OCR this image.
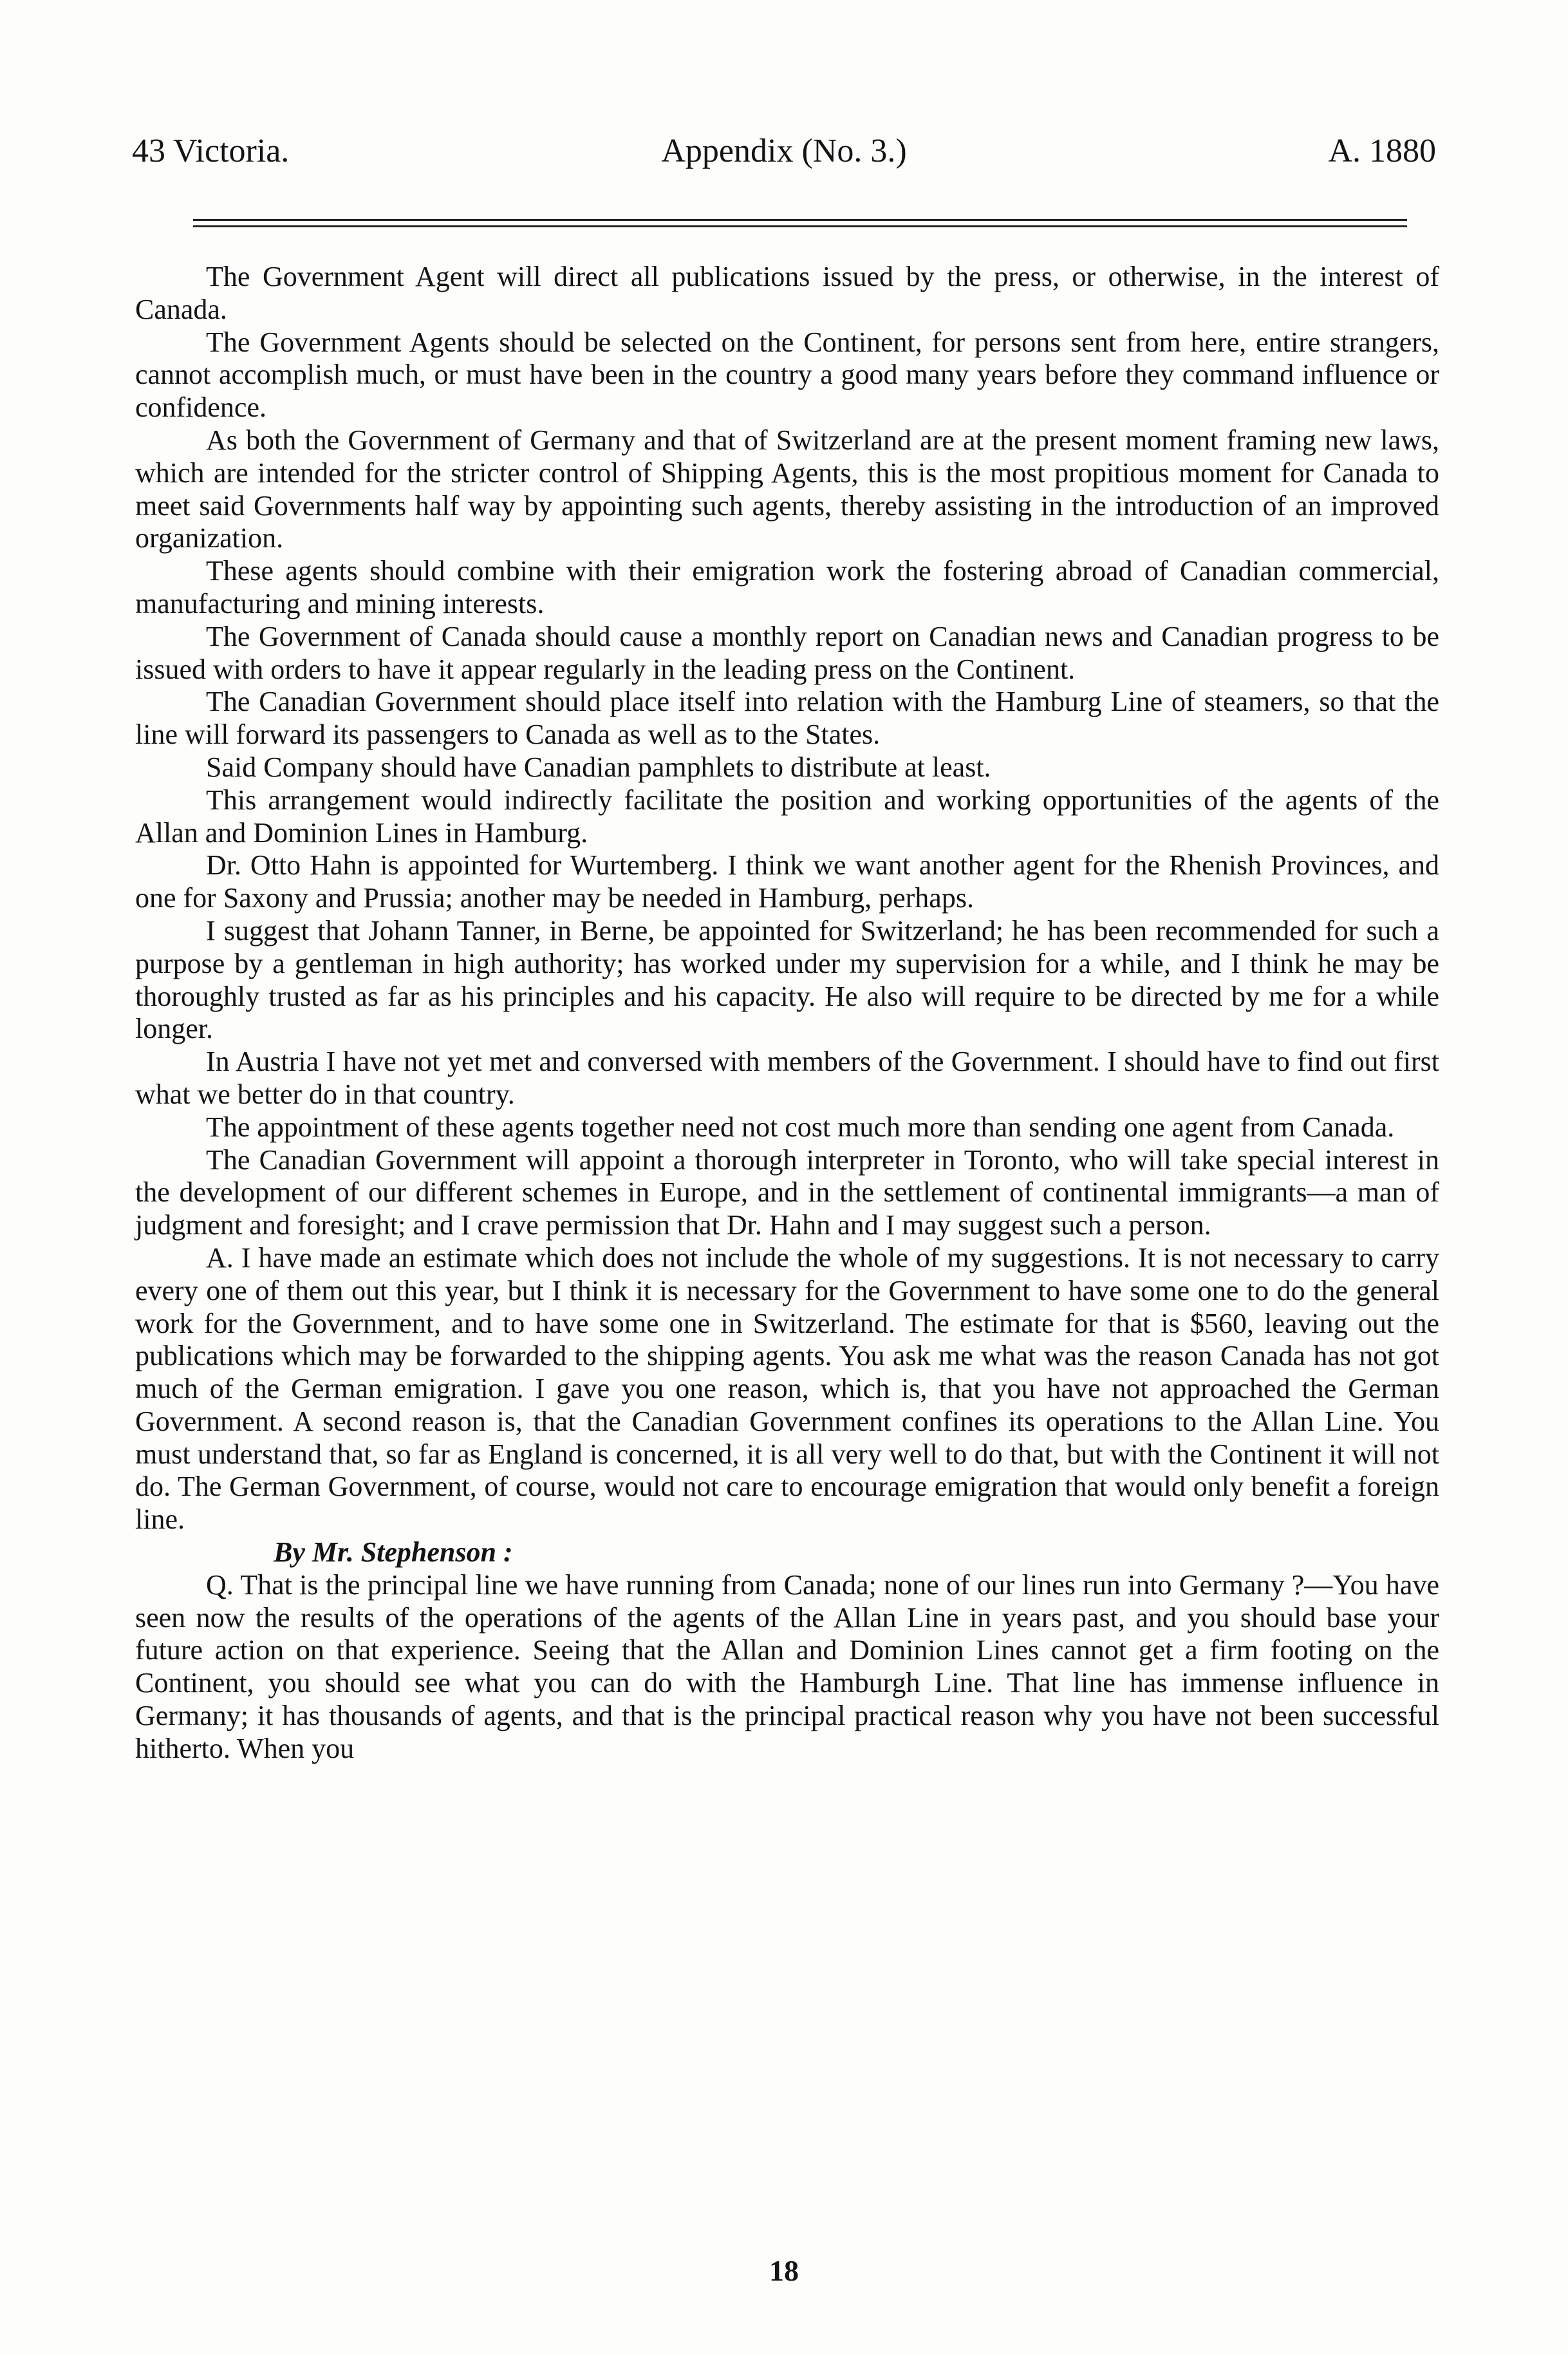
43 Victoria.	Appendix (No. 3.)	A. 1880

The Government Agent will direct all publications issued by the press, or otherwise, in the interest of Canada.

The Government Agents should be selected on the Continent, for persons sent from here, entire strangers, cannot accomplish much, or must have been in the country a good many years before they command influence or confidence.

As both the Government of Germany and that of Switzerland are at the present moment framing new laws, which are intended for the stricter control of Shipping Agents, this is the most propitious moment for Canada to meet said Governments half way by appointing such agents, thereby assisting in the introduction of an improved organization.

These agents should combine with their emigration work the fostering abroad of Canadian commercial, manufacturing and mining interests.

The Government of Canada should cause a monthly report on Canadian news and Canadian progress to be issued with orders to have it appear regularly in the leading press on the Continent.

The Canadian Government should place itself into relation with the Hamburg Line of steamers, so that the line will forward its passengers to Canada as well as to the States.

Said Company should have Canadian pamphlets to distribute at least.

This arrangement would indirectly facilitate the position and working opportunities of the agents of the Allan and Dominion Lines in Hamburg.

Dr. Otto Hahn is appointed for Wurtemberg. I think we want another agent for the Rhenish Provinces, and one for Saxony and Prussia; another may be needed in Hamburg, perhaps.

I suggest that Johann Tanner, in Berne, be appointed for Switzerland; he has been recommended for such a purpose by a gentleman in high authority; has worked under my supervision for a while, and I think he may be thoroughly trusted as far as his principles and his capacity. He also will require to be directed by me for a while longer.

In Austria I have not yet met and conversed with members of the Government. I should have to find out first what we better do in that country.

The appointment of these agents together need not cost much more than sending one agent from Canada.

The Canadian Government will appoint a thorough interpreter in Toronto, who will take special interest in the development of our different schemes in Europe, and in the settlement of continental immigrants—a man of judgment and foresight; and I crave permission that Dr. Hahn and I may suggest such a person.

A. I have made an estimate which does not include the whole of my suggestions. It is not necessary to carry every one of them out this year, but I think it is necessary for the Government to have some one to do the general work for the Government, and to have some one in Switzerland. The estimate for that is $560, leaving out the publications which may be forwarded to the shipping agents. You ask me what was the reason Canada has not got much of the German emigration. I gave you one reason, which is, that you have not approached the German Government. A second reason is, that the Canadian Government confines its operations to the Allan Line. You must understand that, so far as England is concerned, it is all very well to do that, but with the Continent it will not do. The German Government, of course, would not care to encourage emigration that would only benefit a foreign line.

By Mr. Stephenson :

Q. That is the principal line we have running from Canada; none of our lines run into Germany ?—You have seen now the results of the operations of the agents of the Allan Line in years past, and you should base your future action on that experience. Seeing that the Allan and Dominion Lines cannot get a firm footing on the Continent, you should see what you can do with the Hamburgh Line. That line has immense influence in Germany; it has thousands of agents, and that is the principal practical reason why you have not been successful hitherto. When you

18
